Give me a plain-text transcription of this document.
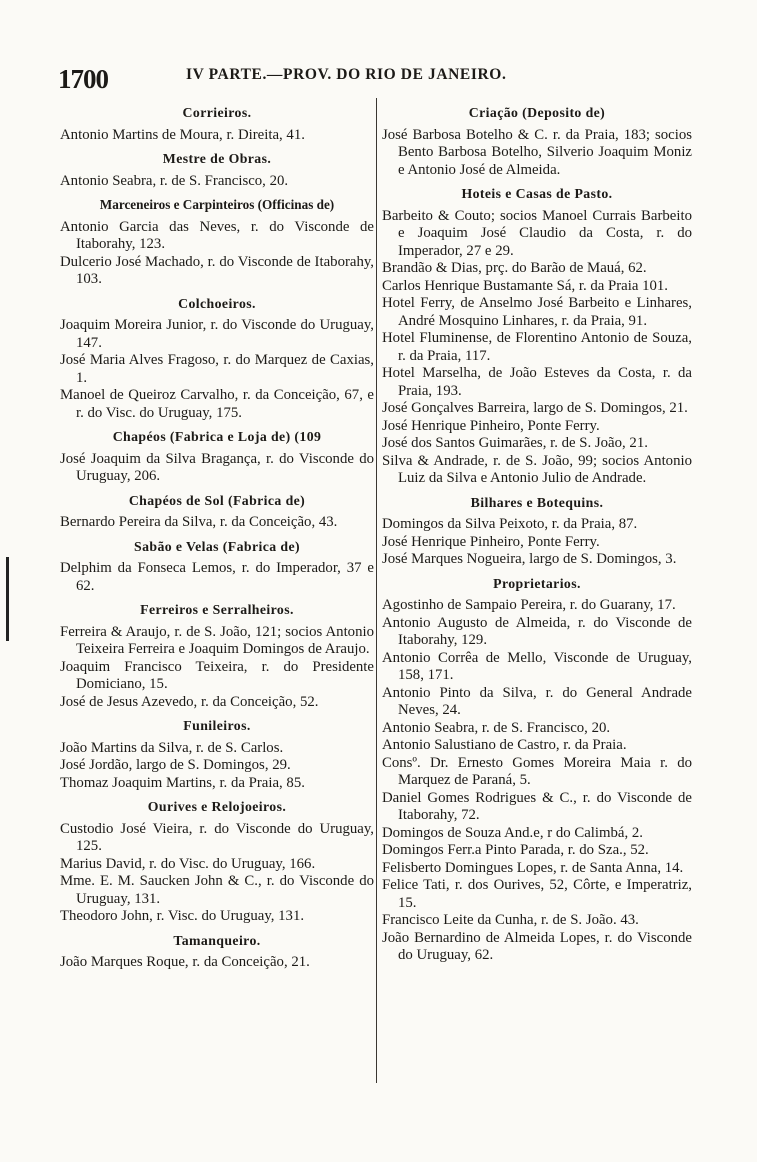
1700	IV PARTE.—PROV. DO RIO DE JANEIRO.
Corrieiros.

Antonio Martins de Moura, r. Direita, 41.

Mestre de Obras.

Antonio Seabra, r. de S. Francisco, 20.

Marceneiros e Carpinteiros (Officinas de)

Antonio Garcia das Neves, r. do Visconde de Itaborahy, 123.

Dulcerio José Machado, r. do Visconde de Itaborahy, 103.

Colchoeiros.

Joaquim Moreira Junior, r. do Visconde do Uruguay, 147.

José Maria Alves Fragoso, r. do Marquez de Caxias, 1.

Manoel de Queiroz Carvalho, r. da Conceição, 67, e r. do Visc. do Uruguay, 175.

Chapéos (Fabrica e Loja de) (109

José Joaquim da Silva Bragança, r. do Visconde do Uruguay, 206.

Chapéos de Sol (Fabrica de)

Bernardo Pereira da Silva, r. da Conceição, 43.

Sabão e Velas (Fabrica de)

Delphim da Fonseca Lemos, r. do Imperador, 37 e 62.

Ferreiros e Serralheiros.

Ferreira & Araujo, r. de S. João, 121; socios Antonio Teixeira Ferreira e Joaquim Domingos de Araujo.

Joaquim Francisco Teixeira, r. do Presidente Domiciano, 15.

José de Jesus Azevedo, r. da Conceição, 52.

Funileiros.

João Martins da Silva, r. de S. Carlos.

José Jordão, largo de S. Domingos, 29.

Thomaz Joaquim Martins, r. da Praia, 85.

Ourives e Relojoeiros.

Custodio José Vieira, r. do Visconde do Uruguay, 125.

Marius David, r. do Visc. do Uruguay, 166.

Mme. E. M. Saucken John & C., r. do Visconde do Uruguay, 131.

Theodoro John, r. Visc. do Uruguay, 131.

Tamanqueiro.

João Marques Roque, r. da Conceição, 21.

Criação (Deposito de)

José Barbosa Botelho & C. r. da Praia, 183; socios Bento Barbosa Botelho, Silverio Joaquim Moniz e Antonio José de Almeida.

Hoteis e Casas de Pasto.

Barbeito & Couto; socios Manoel Currais Barbeito e Joaquim José Claudio da Costa, r. do Imperador, 27 e 29.

Brandão & Dias, prç. do Barão de Mauá, 62.

Carlos Henrique Bustamante Sá, r. da Praia 101.

Hotel Ferry, de Anselmo José Barbeito e Linhares, André Mosquino Linhares, r. da Praia, 91.

Hotel Fluminense, de Florentino Antonio de Souza, r. da Praia, 117.

Hotel Marselha, de João Esteves da Costa, r. da Praia, 193.

José Gonçalves Barreira, largo de S. Domingos, 21.

José Henrique Pinheiro, Ponte Ferry.

José dos Santos Guimarães, r. de S. João, 21.

Silva & Andrade, r. de S. João, 99; socios Antonio Luiz da Silva e Antonio Julio de Andrade.

Bilhares e Botequins.

Domingos da Silva Peixoto, r. da Praia, 87.

José Henrique Pinheiro, Ponte Ferry.

José Marques Nogueira, largo de S. Domingos, 3.

Proprietarios.

Agostinho de Sampaio Pereira, r. do Guarany, 17.

Antonio Augusto de Almeida, r. do Visconde de Itaborahy, 129.

Antonio Corrêa de Mello, Visconde de Uruguay, 158, 171.

Antonio Pinto da Silva, r. do General Andrade Neves, 24.

Antonio Seabra, r. de S. Francisco, 20.

Antonio Salustiano de Castro, r. da Praia.

Consº. Dr. Ernesto Gomes Moreira Maia r. do Marquez de Paraná, 5.

Daniel Gomes Rodrigues & C., r. do Visconde de Itaborahy, 72.

Domingos de Souza And.e, r do Calimbá, 2.

Domingos Ferr.a Pinto Parada, r. do Sza., 52.

Felisberto Domingues Lopes, r. de Santa Anna, 14.

Felice Tati, r. dos Ourives, 52, Côrte, e Imperatriz, 15.

Francisco Leite da Cunha, r. de S. João. 43.

João Bernardino de Almeida Lopes, r. do Visconde do Uruguay, 62.
